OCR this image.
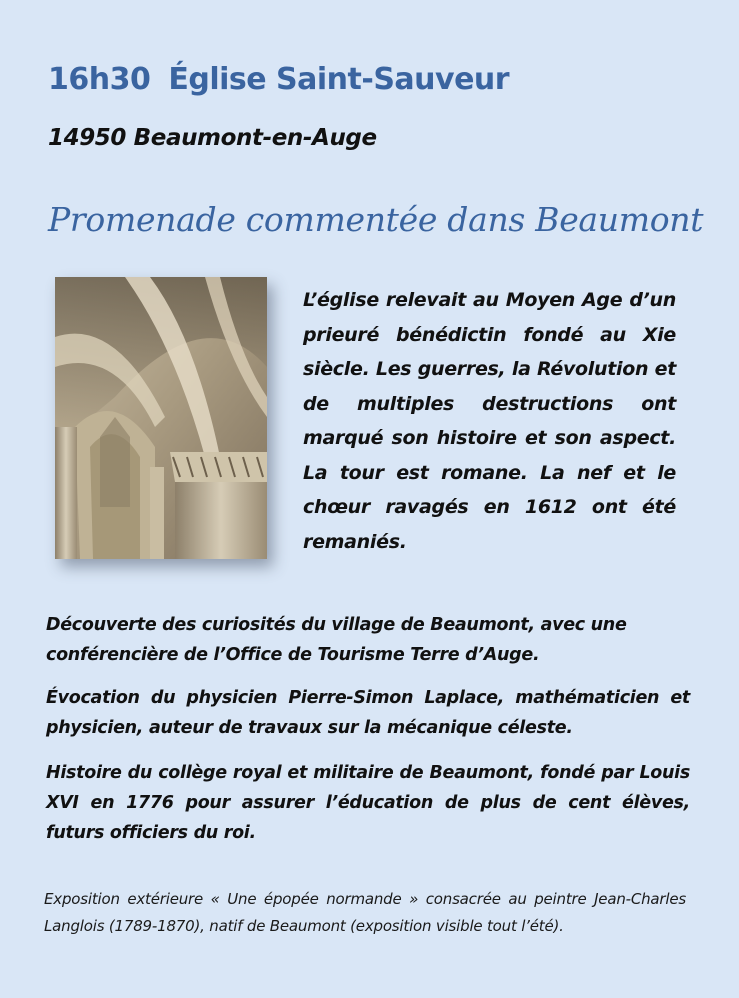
16h30 Église Saint-Sauveur
14950 Beaumont-en-Auge
Promenade commentée dans Beaumont
L’église relevait au Moyen Age d’un prieuré bénédictin fondé au Xie siècle. Les guerres, la Révolution et de multiples destructions ont marqué son histoire et son aspect. La tour est romane. La nef et le chœur ravagés en 1612 ont été remaniés.
Découverte des curiosités du village de Beaumont, avec une conférencière de l’Office de Tourisme Terre d’Auge.
Évocation du physicien Pierre-Simon Laplace, mathématicien et physicien, auteur de travaux sur la mécanique céleste.
Histoire du collège royal et militaire de Beaumont, fondé par Louis XVI en 1776 pour assurer l’éducation de plus de cent élèves, futurs officiers du roi.
Exposition extérieure « Une épopée normande » consacrée au peintre Jean-Charles Langlois (1789-1870), natif de Beaumont (exposition visible tout l’été).
